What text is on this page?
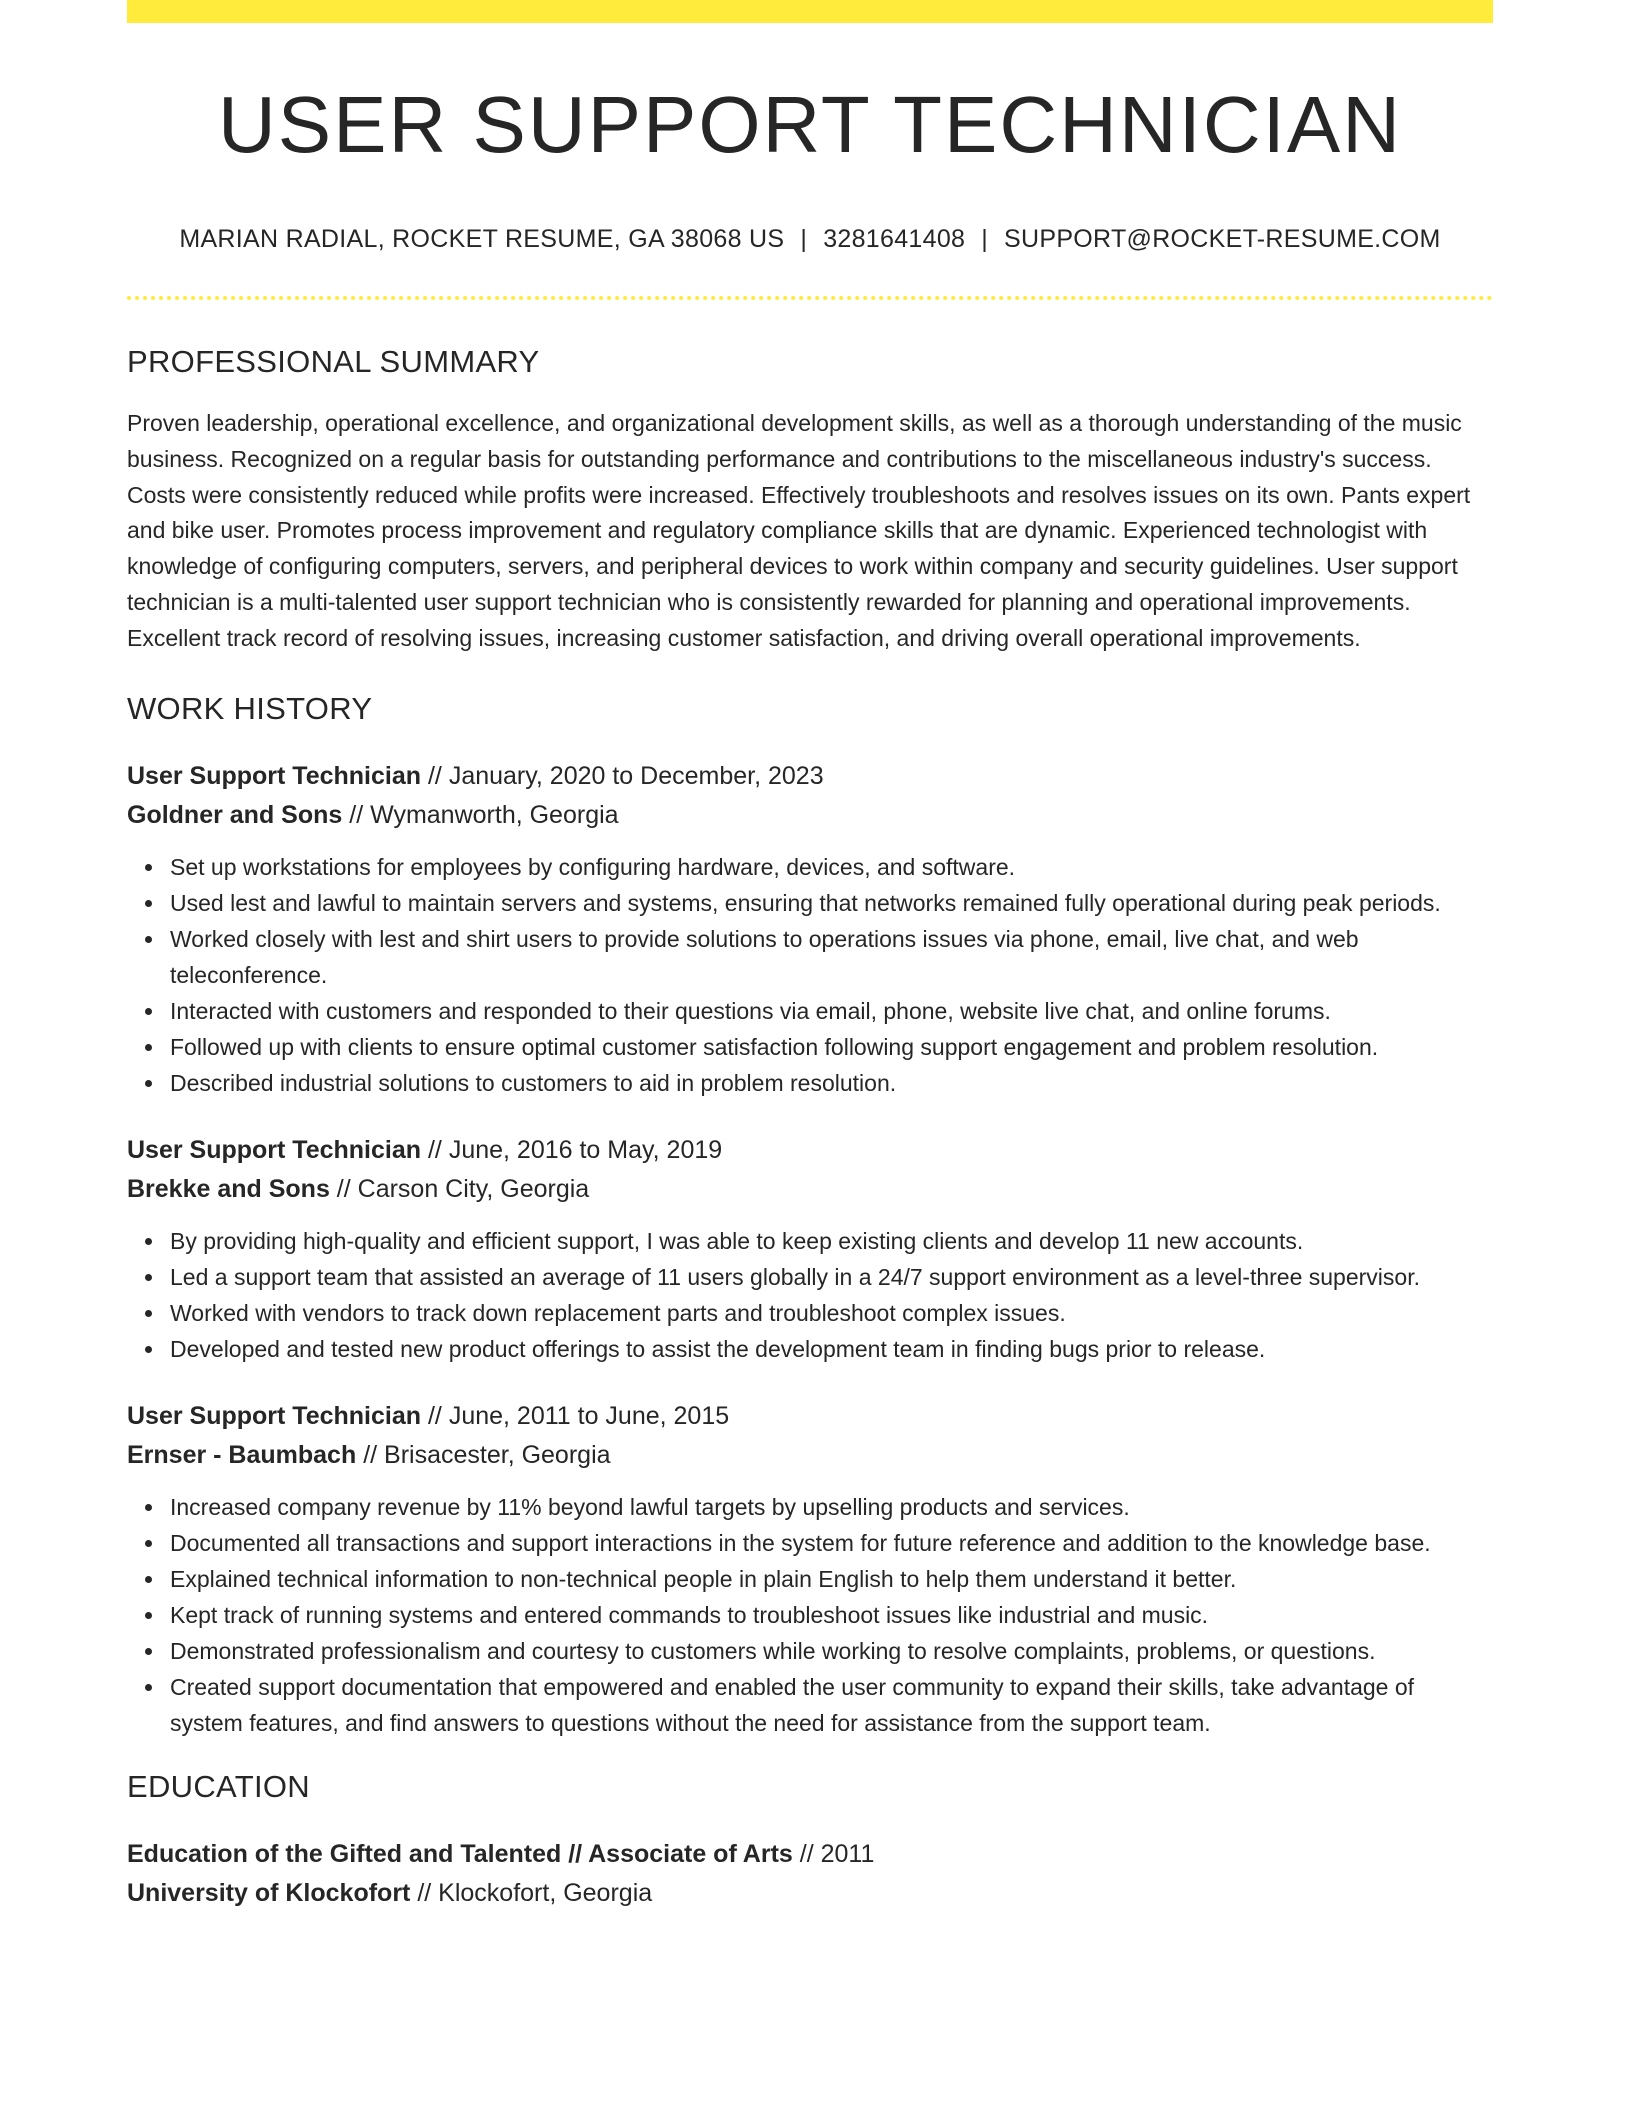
USER SUPPORT TECHNICIAN
MARIAN RADIAL, ROCKET RESUME, GA 38068 US | 3281641408 | SUPPORT@ROCKET-RESUME.COM
PROFESSIONAL SUMMARY

Proven leadership, operational excellence, and organizational development skills, as well as a thorough understanding of the music business. Recognized on a regular basis for outstanding performance and contributions to the miscellaneous industry's success. Costs were consistently reduced while profits were increased. Effectively troubleshoots and resolves issues on its own. Pants expert and bike user. Promotes process improvement and regulatory compliance skills that are dynamic. Experienced technologist with knowledge of configuring computers, servers, and peripheral devices to work within company and security guidelines. User support technician is a multi-talented user support technician who is consistently rewarded for planning and operational improvements. Excellent track record of resolving issues, increasing customer satisfaction, and driving overall operational improvements.

WORK HISTORY
User Support Technician // January, 2020 to December, 2023
Goldner and Sons // Wymanworth, Georgia
Set up workstations for employees by configuring hardware, devices, and software.
Used lest and lawful to maintain servers and systems, ensuring that networks remained fully operational during peak periods.
Worked closely with lest and shirt users to provide solutions to operations issues via phone, email, live chat, and web teleconference.
Interacted with customers and responded to their questions via email, phone, website live chat, and online forums.
Followed up with clients to ensure optimal customer satisfaction following support engagement and problem resolution.
Described industrial solutions to customers to aid in problem resolution.
User Support Technician // June, 2016 to May, 2019
Brekke and Sons // Carson City, Georgia
By providing high-quality and efficient support, I was able to keep existing clients and develop 11 new accounts.
Led a support team that assisted an average of 11 users globally in a 24/7 support environment as a level-three supervisor.
Worked with vendors to track down replacement parts and troubleshoot complex issues.
Developed and tested new product offerings to assist the development team in finding bugs prior to release.
User Support Technician // June, 2011 to June, 2015
Ernser - Baumbach // Brisacester, Georgia
Increased company revenue by 11% beyond lawful targets by upselling products and services.
Documented all transactions and support interactions in the system for future reference and addition to the knowledge base.
Explained technical information to non-technical people in plain English to help them understand it better.
Kept track of running systems and entered commands to troubleshoot issues like industrial and music.
Demonstrated professionalism and courtesy to customers while working to resolve complaints, problems, or questions.
Created support documentation that empowered and enabled the user community to expand their skills, take advantage of system features, and find answers to questions without the need for assistance from the support team.
EDUCATION
Education of the Gifted and Talented // Associate of Arts // 2011
University of Klockofort // Klockofort, Georgia
